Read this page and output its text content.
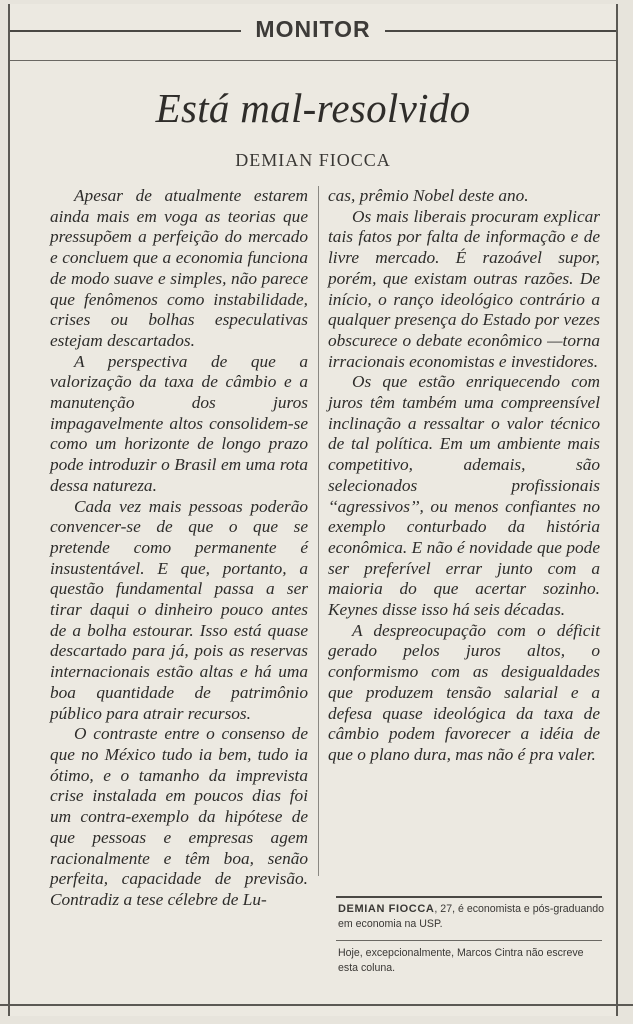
MONITOR
Está mal-resolvido
DEMIAN FIOCCA

Apesar de atualmente estarem ainda mais em voga as teorias que pressupõem a perfeição do mercado e concluem que a economia funciona de modo suave e simples, não parece que fenômenos como instabilidade, crises ou bolhas especulativas estejam descartados.

A perspectiva de que a valorização da taxa de câmbio e a manutenção dos juros impagavelmente altos consolidem-se como um horizonte de longo prazo pode introduzir o Brasil em uma rota dessa natureza.

Cada vez mais pessoas poderão convencer-se de que o que se pretende como permanente é insustentável. E que, portanto, a questão fundamental passa a ser tirar daqui o dinheiro pouco antes de a bolha estourar. Isso está quase descartado para já, pois as reservas internacionais estão altas e há uma boa quantidade de patrimônio público para atrair recursos.

O contraste entre o consenso de que no México tudo ia bem, tudo ia ótimo, e o tamanho da imprevista crise instalada em poucos dias foi um contra-exemplo da hipótese de que pessoas e empresas agem racionalmente e têm boa, senão perfeita, capacidade de previsão. Contradiz a tese célebre de Lu-

cas, prêmio Nobel deste ano.

Os mais liberais procuram explicar tais fatos por falta de informação e de livre mercado. É razoável supor, porém, que existam outras razões. De início, o ranço ideológico contrário a qualquer presença do Estado por vezes obscurece o debate econômico —torna irracionais economistas e investidores.

Os que estão enriquecendo com juros têm também uma compreensível inclinação a ressaltar o valor técnico de tal política. Em um ambiente mais competitivo, ademais, são selecionados profissionais ‘‘agressivos’’, ou menos confiantes no exemplo conturbado da história econômica. E não é novidade que pode ser preferível errar junto com a maioria do que acertar sozinho. Keynes disse isso há seis décadas.

A despreocupação com o déficit gerado pelos juros altos, o conformismo com as desigualdades que produzem tensão salarial e a defesa quase ideológica da taxa de câmbio podem favorecer a idéia de que o plano dura, mas não é pra valer.

DEMIAN FIOCCA, 27, é economista e pós-graduando em economia na USP.
Hoje, excepcionalmente, Marcos Cintra não escreve esta coluna.
